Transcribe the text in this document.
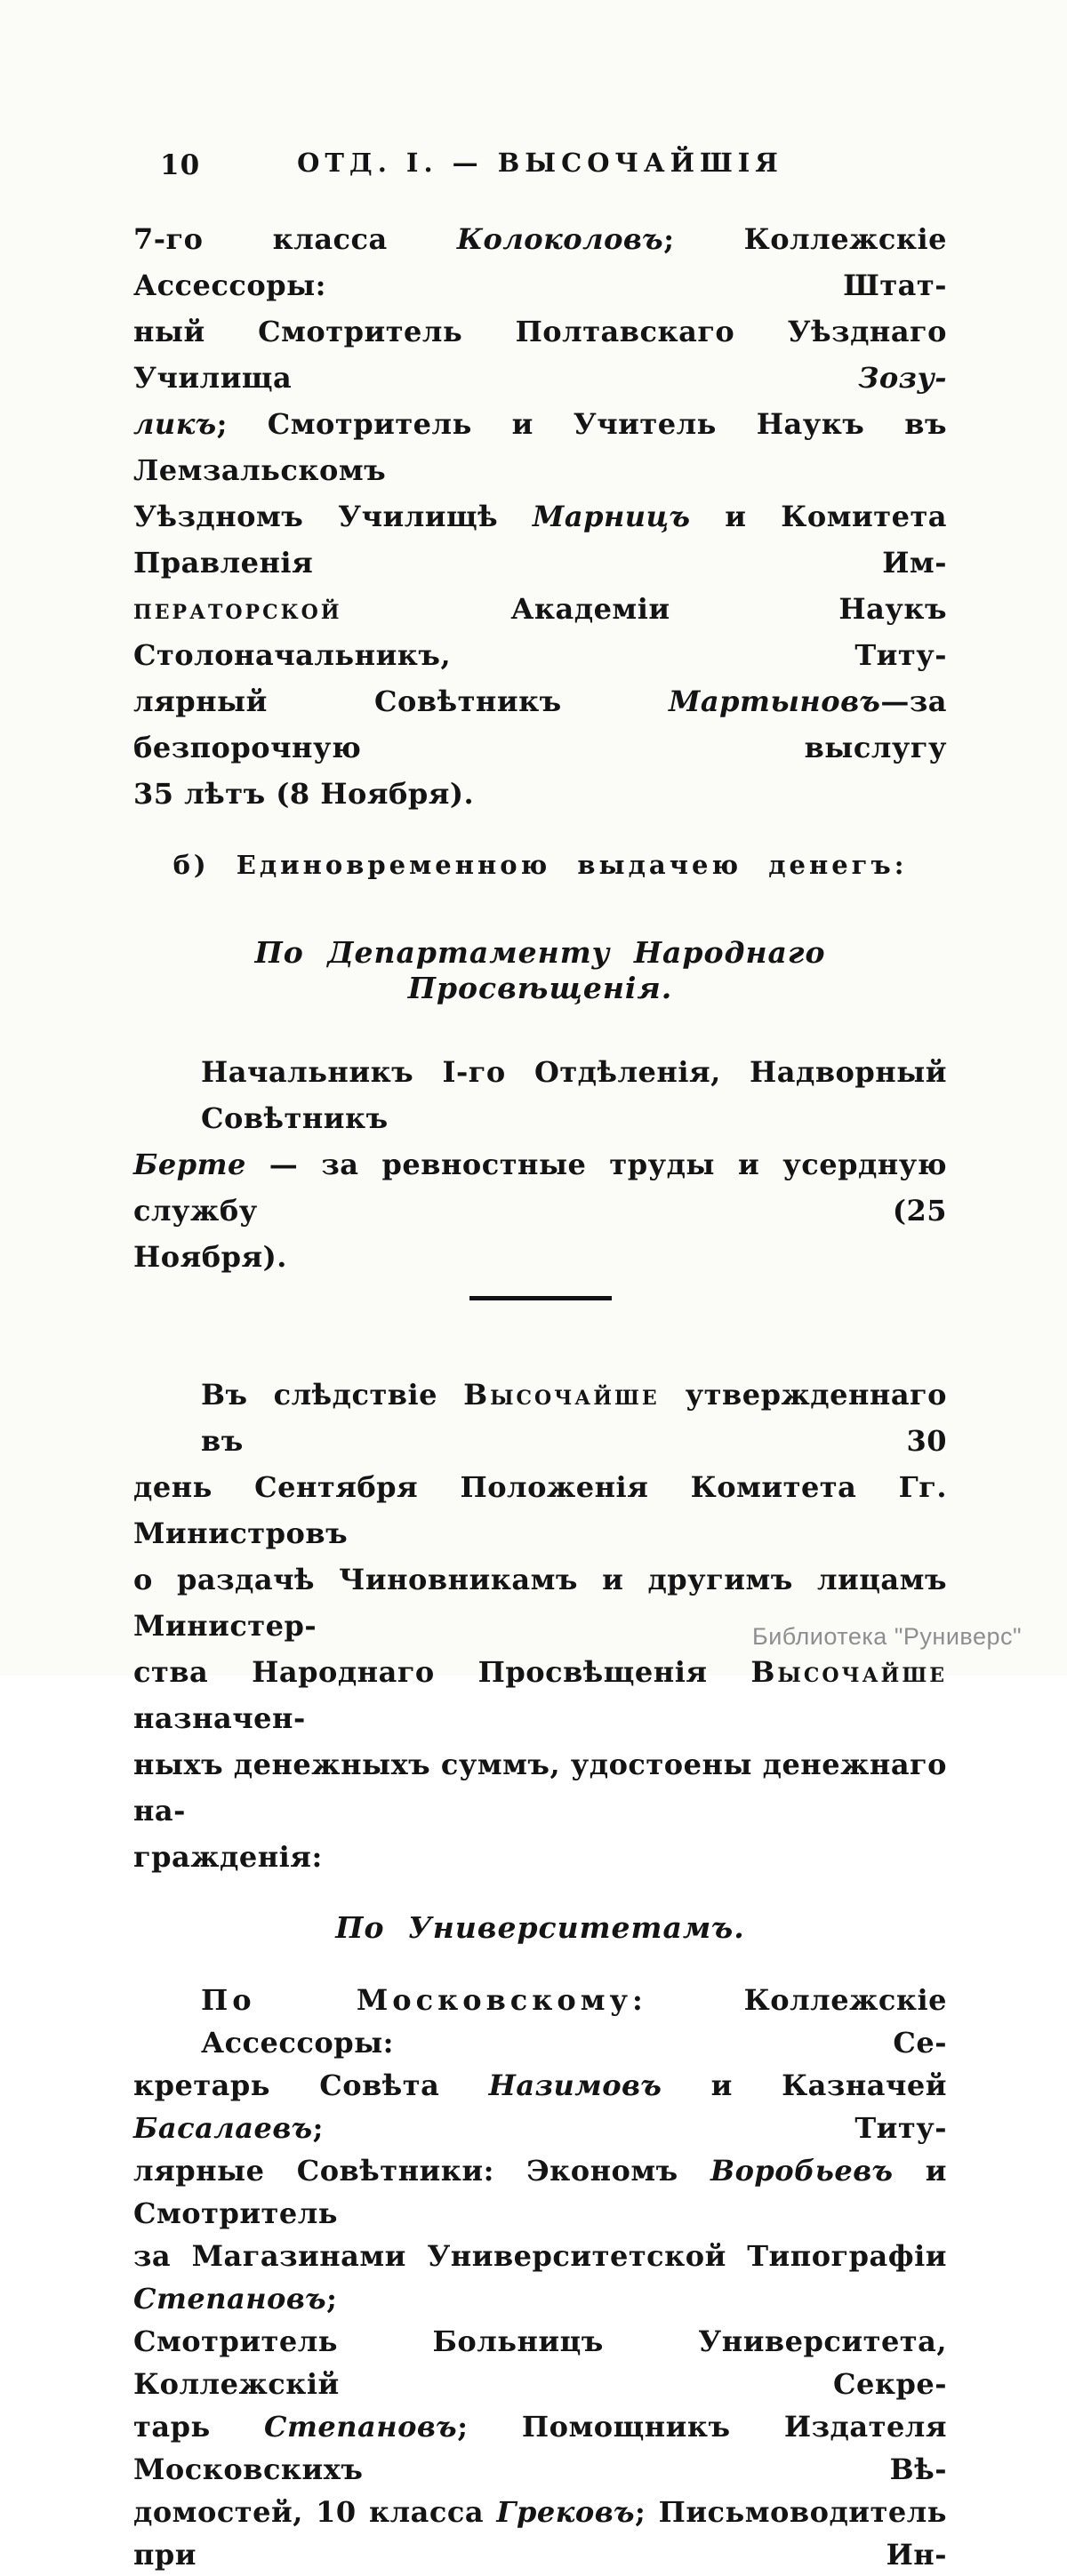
10	ОТД. I. — ВЫСОЧАЙШІЯ
7-го класса Колоколовъ; Коллежскіе Ассессоры: Штат-
ный Смотритель Полтавскаго Уѣзднаго Училища Зозу-
ликъ; Смотритель и Учитель Наукъ въ Лемзальскомъ
Уѣздномъ Училищѣ Марницъ и Комитета Правленія Им-
ператорской Академіи Наукъ Столоначальникъ, Титу-
лярный Совѣтникъ Мартыновъ—за безпорочную выслугу
35 лѣтъ (8 Ноября).
б) Единовременною выдачею денегъ:
По Департаменту Народнаго Просвѣщенія.
Начальникъ I-го Отдѣленія, Надворный Совѣтникъ
Берте — за ревностные труды и усердную службу (25
Ноября).
Въ слѣдствіе Высочайше утвержденнаго въ 30
день Сентября Положенія Комитета Гг. Министровъ
о раздачѣ Чиновникамъ и другимъ лицамъ Министер-
ства Народнаго Просвѣщенія Высочайше назначен-
ныхъ денежныхъ суммъ, удостоены денежнаго на-
гражденія:
По Университетамъ.
По Московскому: Коллежскіе Ассессоры: Се-
кретарь Совѣта Назимовъ и Казначей Басалаевъ; Титу-
лярные Совѣтники: Экономъ Воробьевъ и Смотритель
за Магазинами Университетской Типографіи Степановъ;
Смотритель Больницъ Университета, Коллежскій Секре-
тарь Степановъ; Помощникъ Издателя Московскихъ Вѣ-
домостей, 10 класса Грековъ; Письмоводитель при Ин-
Библиотека "Руниверс"
